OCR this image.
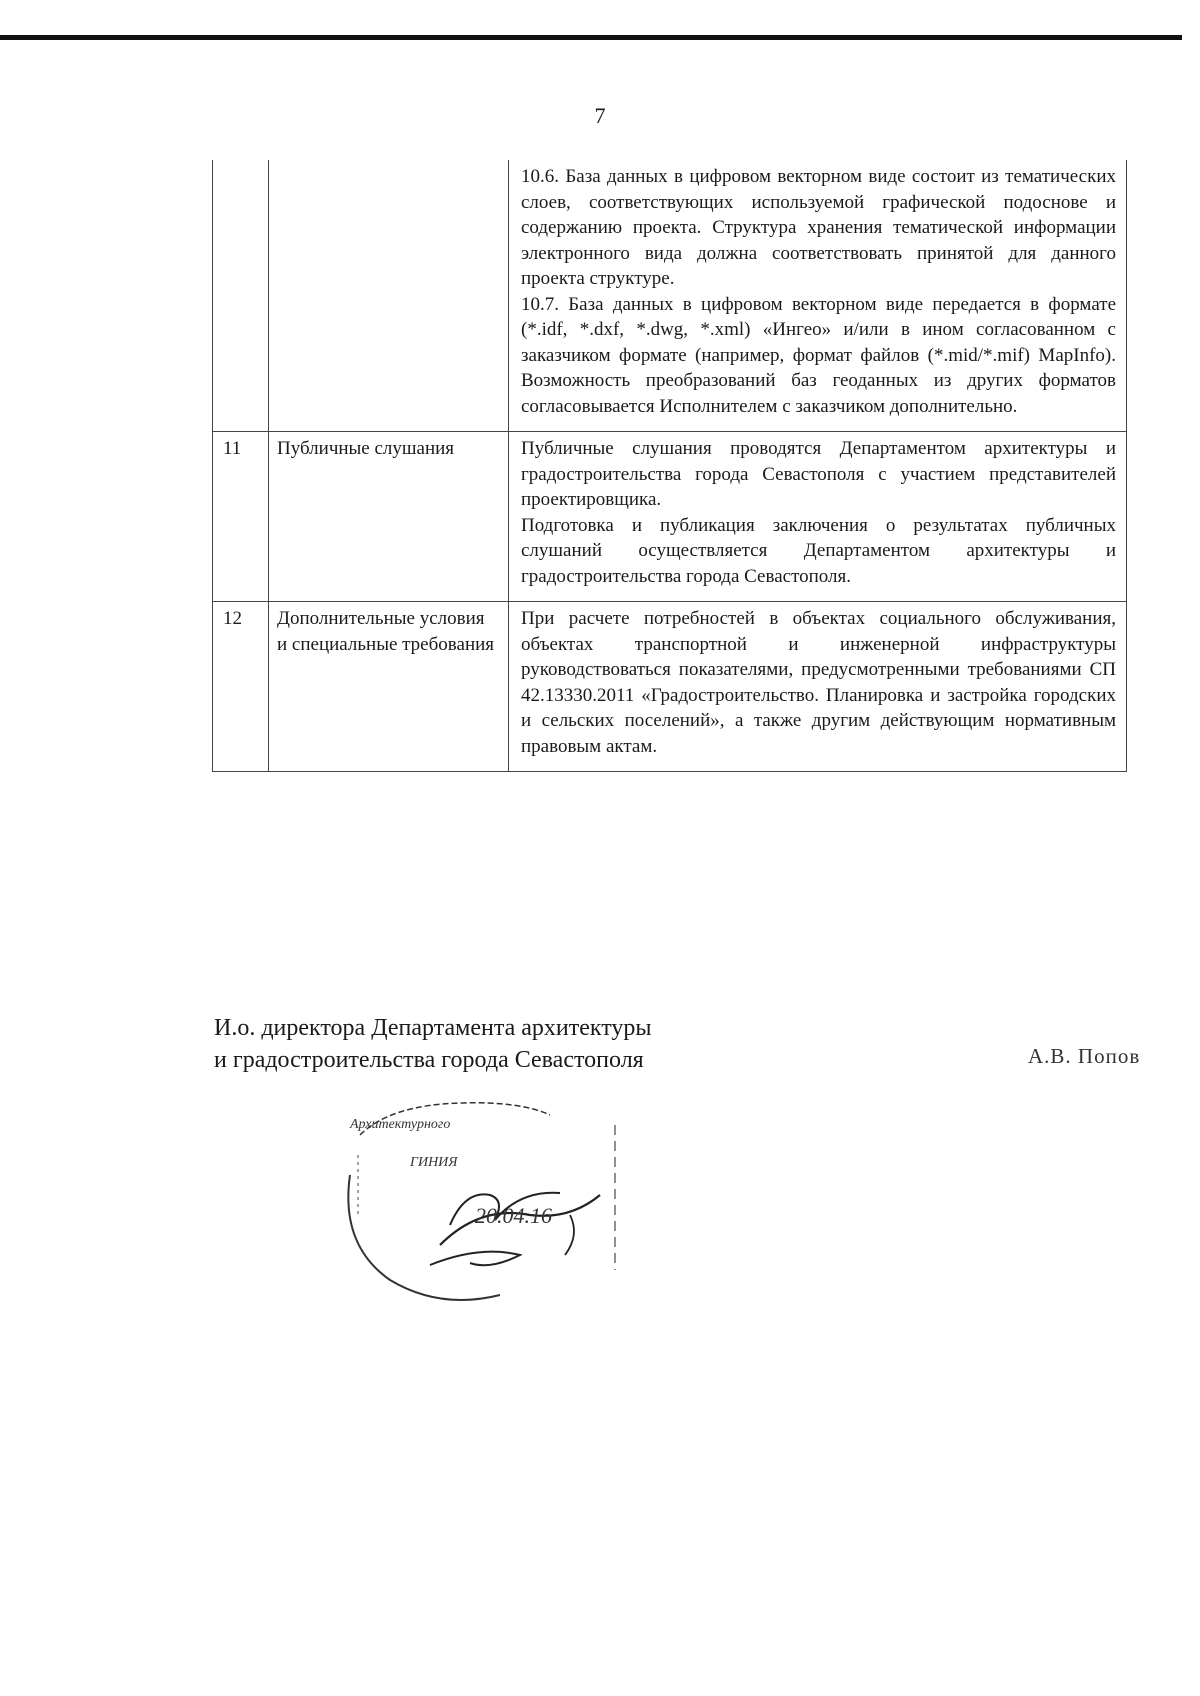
7

		10.6. База данных в цифровом векторном виде состоит из тематических слоев, соответствующих используемой графической подоснове и содержанию проекта. Структура хранения тематической информации электронного вида должна соответствовать принятой для данного проекта структуре.

10.7. База данных в цифровом векторном виде передается в формате (*.idf, *.dxf, *.dwg, *.xml) «Ингео» и/или в ином согласованном с заказчиком формате (например, формат файлов (*.mid/*.mif) MapInfo). Возможность преобразований баз геоданных из других форматов согласовывается Исполнителем с заказчиком дополнительно.

11	Публичные слушания	Публичные слушания проводятся Департаментом архитектуры и градостроительства города Севастополя с участием представителей проектировщика.

Подготовка и публикация заключения о результатах публичных слушаний осуществляется Департаментом архитектуры и градостроительства города Севастополя.

12	Дополнительные условия и специальные требования	При расчете потребностей в объектах социального обслуживания, объектах транспортной и инженерной инфраструктуры руководствоваться показателями, предусмотренными требованиями СП 42.13330.2011 «Градостроительство. Планировка и застройка городских и сельских поселений», а также другим действующим нормативным правовым актам.

И.о. директора Департамента архитектуры
и градостроительства города Севастополя	А.В. Попов
Архитектурного
ГИНИЯ
20.04.16
